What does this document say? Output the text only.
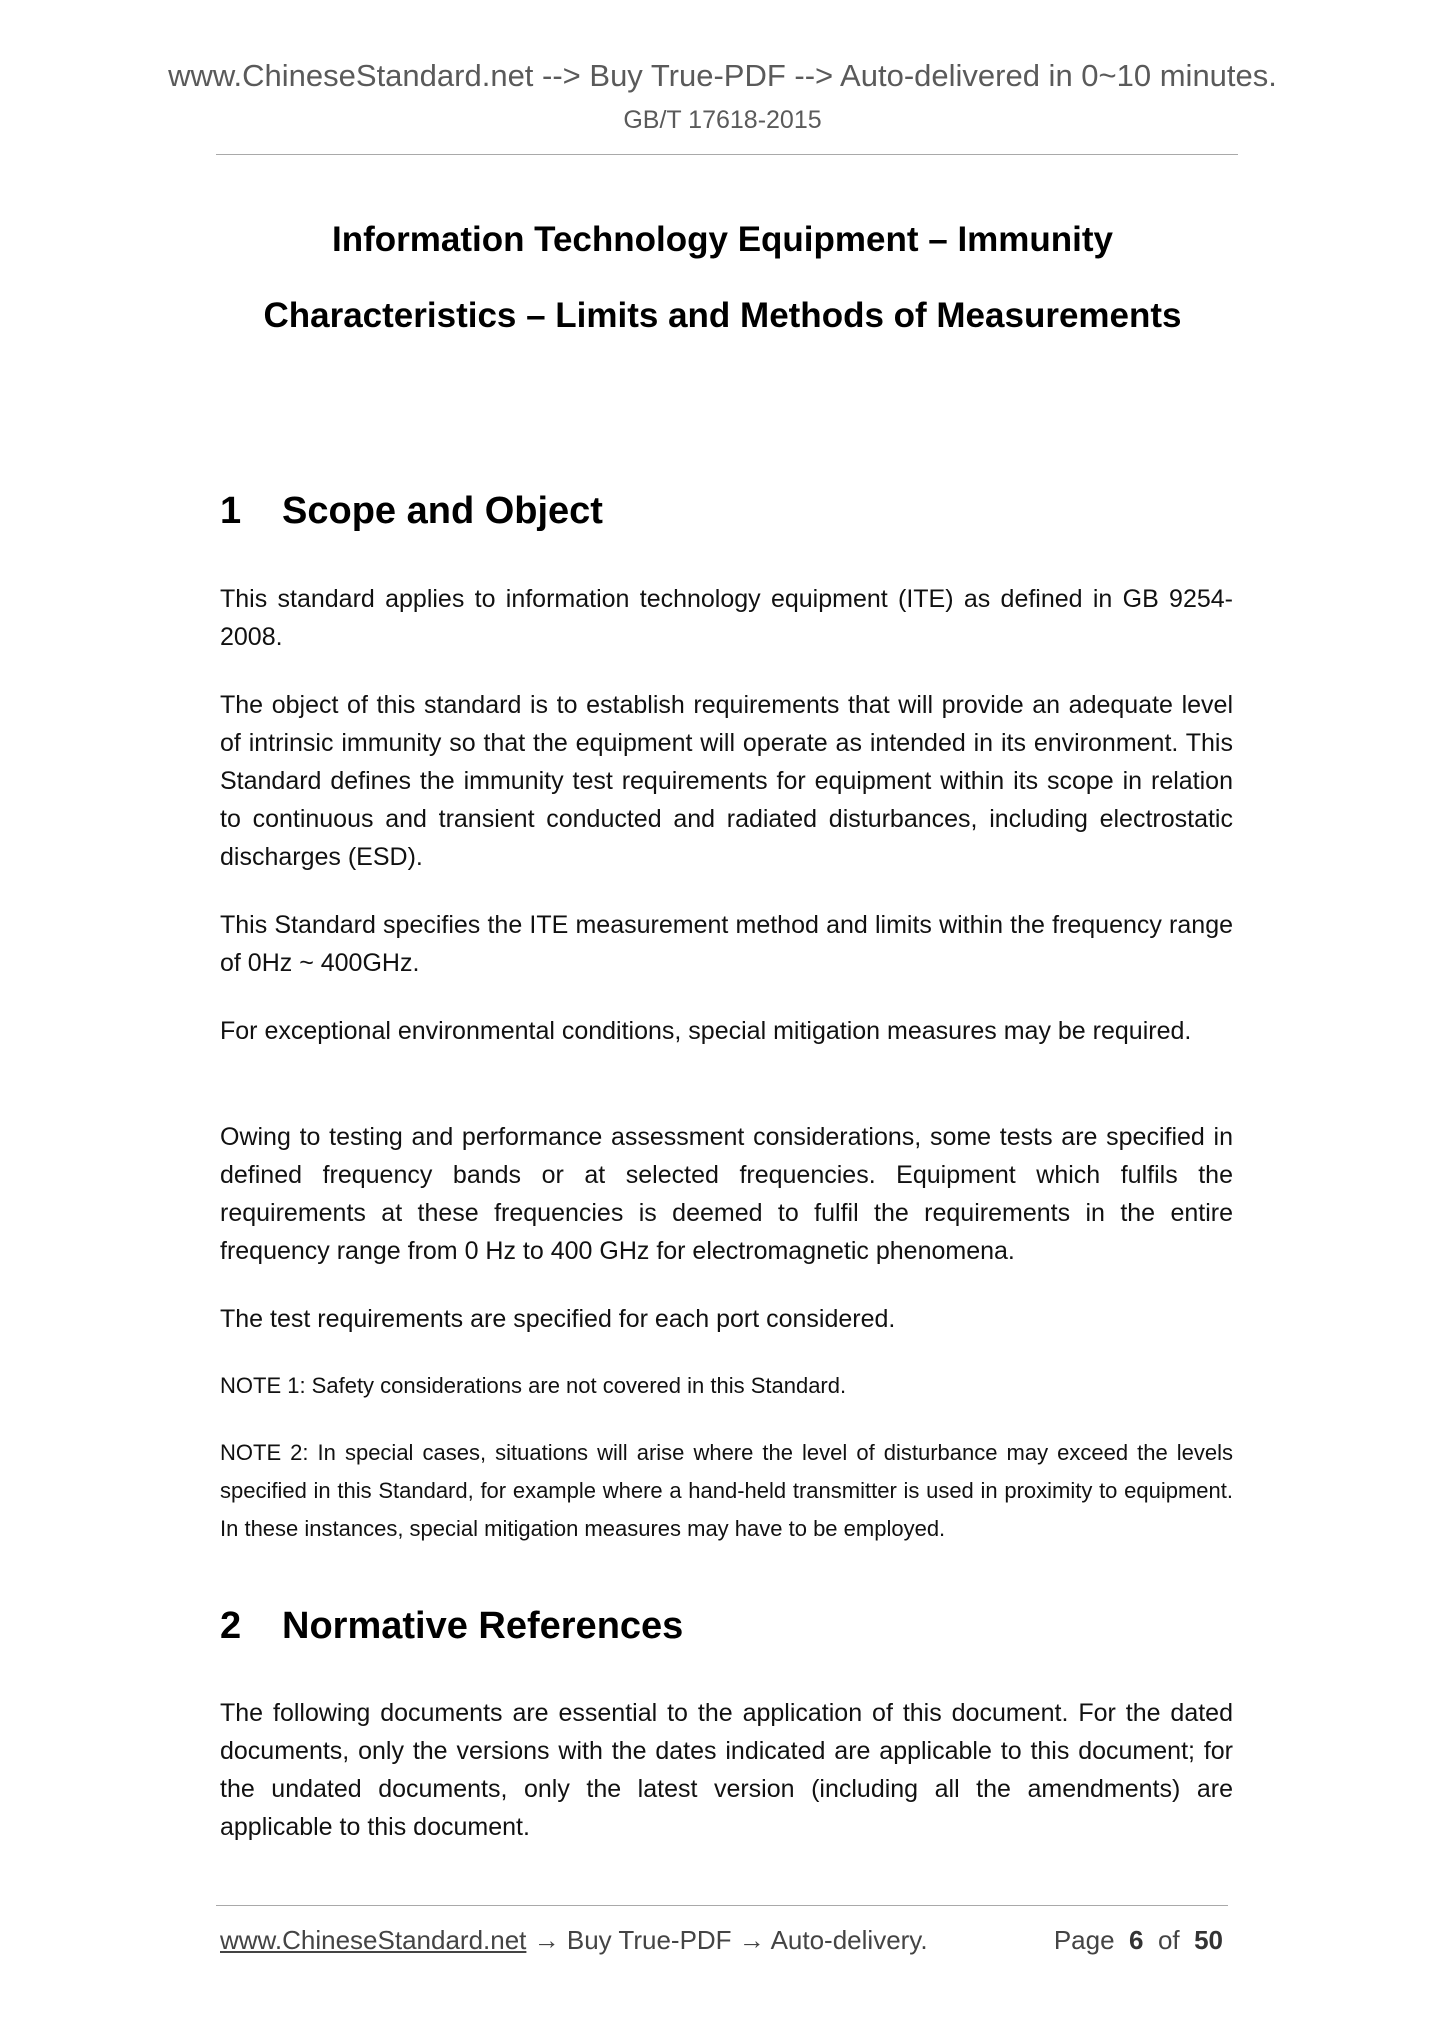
www.ChineseStandard.net --> Buy True-PDF --> Auto-delivered in 0~10 minutes.
GB/T 17618-2015
Information Technology Equipment – Immunity
Characteristics – Limits and Methods of Measurements
1 Scope and Object

This standard applies to information technology equipment (ITE) as defined in GB 9254-2008.

The object of this standard is to establish requirements that will provide an adequate level of intrinsic immunity so that the equipment will operate as intended in its environment. This Standard defines the immunity test requirements for equipment within its scope in relation to continuous and transient conducted and radiated disturbances, including electrostatic discharges (ESD).

This Standard specifies the ITE measurement method and limits within the frequency range of 0Hz ~ 400GHz.

For exceptional environmental conditions, special mitigation measures may be required.

Owing to testing and performance assessment considerations, some tests are specified in defined frequency bands or at selected frequencies. Equipment which fulfils the requirements at these frequencies is deemed to fulfil the requirements in the entire frequency range from 0 Hz to 400 GHz for electromagnetic phenomena.

The test requirements are specified for each port considered.

NOTE 1: Safety considerations are not covered in this Standard.

NOTE 2: In special cases, situations will arise where the level of disturbance may exceed the levels specified in this Standard, for example where a hand-held transmitter is used in proximity to equipment. In these instances, special mitigation measures may have to be employed.

2 Normative References

The following documents are essential to the application of this document. For the dated documents, only the versions with the dates indicated are applicable to this document; for the undated documents, only the latest version (including all the amendments) are applicable to this document.

www.ChineseStandard.net → Buy True-PDF → Auto-delivery.	Page 6 of 50
